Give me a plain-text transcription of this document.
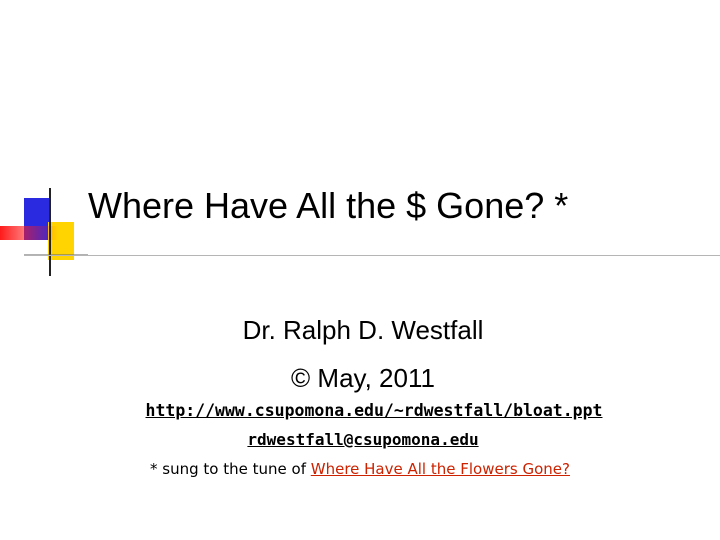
Where Have All the $ Gone? *
Dr. Ralph D. Westfall
© May, 2011
http://www.csupomona.edu/~rdwestfall/bloat.ppt
rdwestfall@csupomona.edu
* sung to the tune of Where Have All the Flowers Gone?
